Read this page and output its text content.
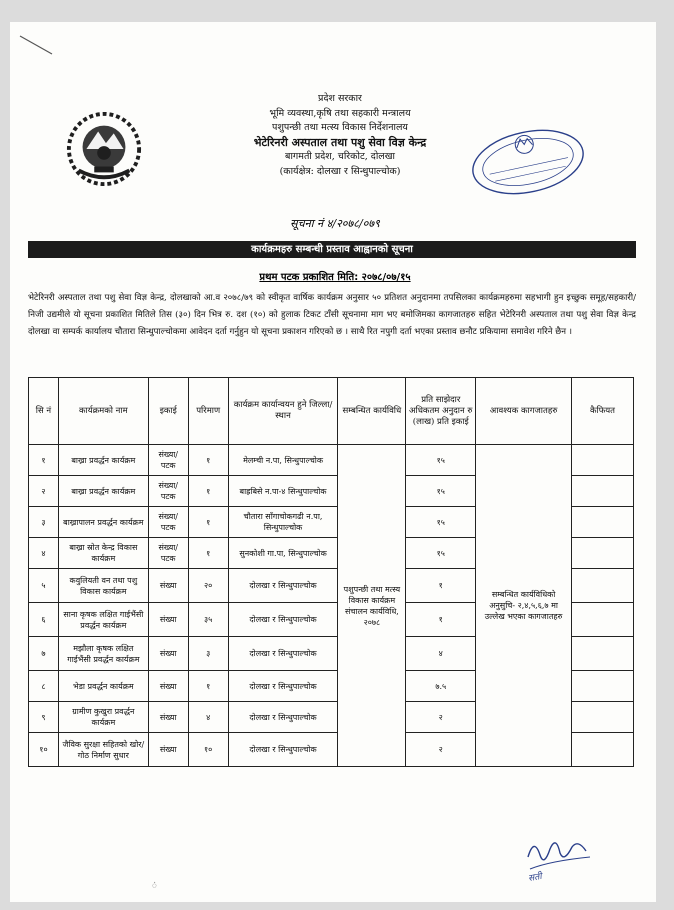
प्रदेश सरकार
भूमि व्यवस्था,कृषि तथा सहकारी मन्त्रालय
पशुपन्छी तथा मत्स्य विकास निर्देशनालय
भेटेरिनरी अस्पताल तथा पशु सेवा विज्ञ केन्द्र
बागमती प्रदेश, चरिकोट, दोलखा
(कार्यक्षेत्र: दोलखा र सिन्धुपाल्चोक)
सूचना नं ४/२०७८/०७९
कार्यक्रमहरु सम्बन्धी प्रस्ताव आह्वानको सूचना
प्रथम पटक प्रकाशित मिति: २०७८/०७/१५
भेटेरिनरी अस्पताल तथा पशु सेवा विज्ञ केन्द्र, दोलखाको आ.व २०७८/७९ को स्वीकृत वार्षिक कार्यक्रम अनुसार ५० प्रतिशत अनुदानमा तपसिलका कार्यक्रमहरुमा सहभागी हुन इच्छुक समूह/सहकारी/निजी उद्यमीले यो सूचना प्रकाशित मितिले तिस (३०) दिन भित्र रु. दश (१०) को हुलाक टिकट टाँसी सूचनामा माग भए बमोजिमका कागजातहरु सहित भेटेरिनरी अस्पताल तथा पशु सेवा विज्ञ केन्द्र दोलखा वा सम्पर्क कार्यालय चौतारा सिन्धुपाल्चोकमा आवेदन दर्ता गर्नुहुन यो सूचना प्रकाशन गरिएको छ । साथै रित नपुगी दर्ता भएका प्रस्ताव छनौट प्रकियामा समावेश गरिने छैन ।
सि नं	कार्यक्रमको नाम	इकाई	परिमाण	कार्यक्रम कार्यान्वयन हुने जिल्ला/स्थान	सम्बन्धित कार्यविधि	प्रति साझेदार अधिकतम अनुदान रु (लाख) प्रति इकाई	आवश्यक कागजातहरु	कैफियत
१	बाख्रा प्रवर्द्धन कार्यक्रम	संख्या/ पटक	१	मेलम्ची न.पा, सिन्धुपाल्चोक	पशुपन्छी तथा मत्स्य विकास कार्यक्रम संचालन कार्यविधि, २०७८	१५	सम्बन्धित कार्यविधिको अनुसुचि- २,४,५,६,७ मा उल्लेख भएका कागजातहरु	
२	बाख्रा प्रवर्द्धन कार्यक्रम	संख्या/ पटक	१	बाह्रबिसे न.पा-४ सिन्धुपाल्चोक		१५		
३	बाख्रापालन प्रवर्द्धन कार्यक्रम	संख्या/ पटक	१	चौतारा साँगाचोकगढी न.पा, सिन्धुपाल्चोक		१५		
४	बाख्रा स्रोत केन्द्र विकास कार्यक्रम	संख्या/ पटक	१	सुनकोशी गा.पा, सिन्धुपाल्चोक		१५		
५	कवुलियती वन तथा पशु विकास कार्यक्रम	संख्या	२०	दोलखा र सिन्धुपाल्चोक		१		
६	साना कृषक लक्षित गाईभैंसी प्रवर्द्धन कार्यक्रम	संख्या	३५	दोलखा र सिन्धुपाल्चोक		१		
७	मझौला कृषक लक्षित गाईभैंसी प्रवर्द्धन कार्यक्रम	संख्या	३	दोलखा र सिन्धुपाल्चोक		४		
८	भेडा प्रवर्द्धन कार्यक्रम	संख्या	१	दोलखा र सिन्धुपाल्चोक		७.५		
९	ग्रामीण कुखुरा प्रवर्द्धन कार्यक्रम	संख्या	४	दोलखा र सिन्धुपाल्चोक		२		
१०	जैविक सुरक्षा सहितको खोर/गोठ निर्माण सुधार	संख्या	१०	दोलखा र सिन्धुपाल्चोक		२		
सती
ं
